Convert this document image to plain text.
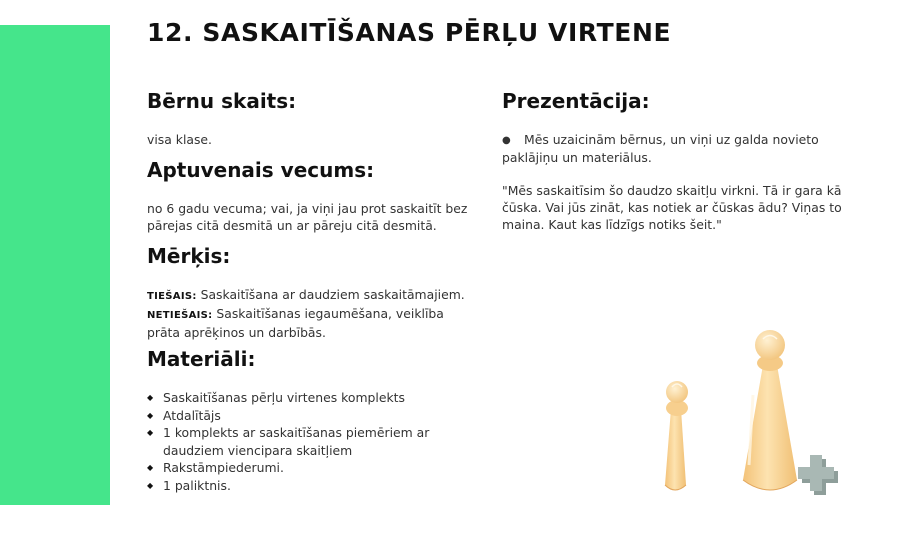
12. SASKAITĪŠANAS PĒRĻU VIRTENE
Bērnu skaits:
visa klase.
Aptuvenais vecums:
no 6 gadu vecuma; vai, ja viņi jau prot saskaitīt bez pārejas citā desmitā un ar pāreju citā desmitā.
Mērķis:
TIEŠAIS: Saskaitīšana ar daudziem saskaitāmajiem.
NETIEŠAIS: Saskaitīšanas iegaumēšana, veiklība prāta aprēķinos un darbībās.
Materiāli:
◆ Saskaitīšanas pērļu virtenes komplekts
◆ Atdalītājs
◆ 1 komplekts ar saskaitīšanas piemēriem ar daudziem viencipara skaitļiem
◆ Rakstāmpiederumi.
◆ 1 paliktnis.
Prezentācija:
● Mēs uzaicinām bērnus, un viņi uz galda novieto paklājiņu un materiālus.
"Mēs saskaitīsim šo daudzo skaitļu virkni. Tā ir gara kā čūska. Vai jūs zināt, kas notiek ar čūskas ādu? Viņas to maina. Kaut kas līdzīgs notiks šeit."
